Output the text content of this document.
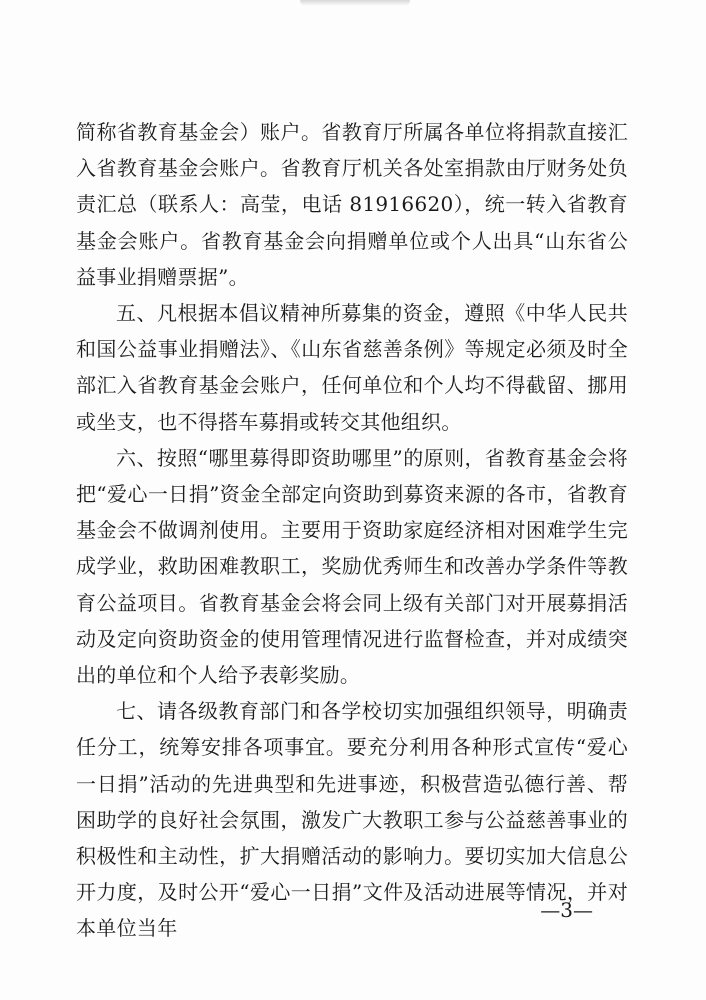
简称省教育基金会）账户。省教育厅所属各单位将捐款直接汇入省教育基金会账户。省教育厅机关各处室捐款由厅财务处负责汇总（联系人：高莹，电话 81916620），统一转入省教育基金会账户。省教育基金会向捐赠单位或个人出具“山东省公益事业捐赠票据”。

五、凡根据本倡议精神所募集的资金，遵照《中华人民共和国公益事业捐赠法》、《山东省慈善条例》等规定必须及时全部汇入省教育基金会账户，任何单位和个人均不得截留、挪用或坐支，也不得搭车募捐或转交其他组织。

六、按照“哪里募得即资助哪里”的原则，省教育基金会将把“爱心一日捐”资金全部定向资助到募资来源的各市，省教育基金会不做调剂使用。主要用于资助家庭经济相对困难学生完成学业，救助困难教职工，奖励优秀师生和改善办学条件等教育公益项目。省教育基金会将会同上级有关部门对开展募捐活动及定向资助资金的使用管理情况进行监督检查，并对成绩突出的单位和个人给予表彰奖励。

七、请各级教育部门和各学校切实加强组织领导，明确责任分工，统筹安排各项事宜。要充分利用各种形式宣传“爱心一日捐”活动的先进典型和先进事迹，积极营造弘德行善、帮困助学的良好社会氛围，激发广大教职工参与公益慈善事业的积极性和主动性，扩大捐赠活动的影响力。要切实加大信息公开力度，及时公开“爱心一日捐”文件及活动进展等情况，并对本单位当年

—3—
